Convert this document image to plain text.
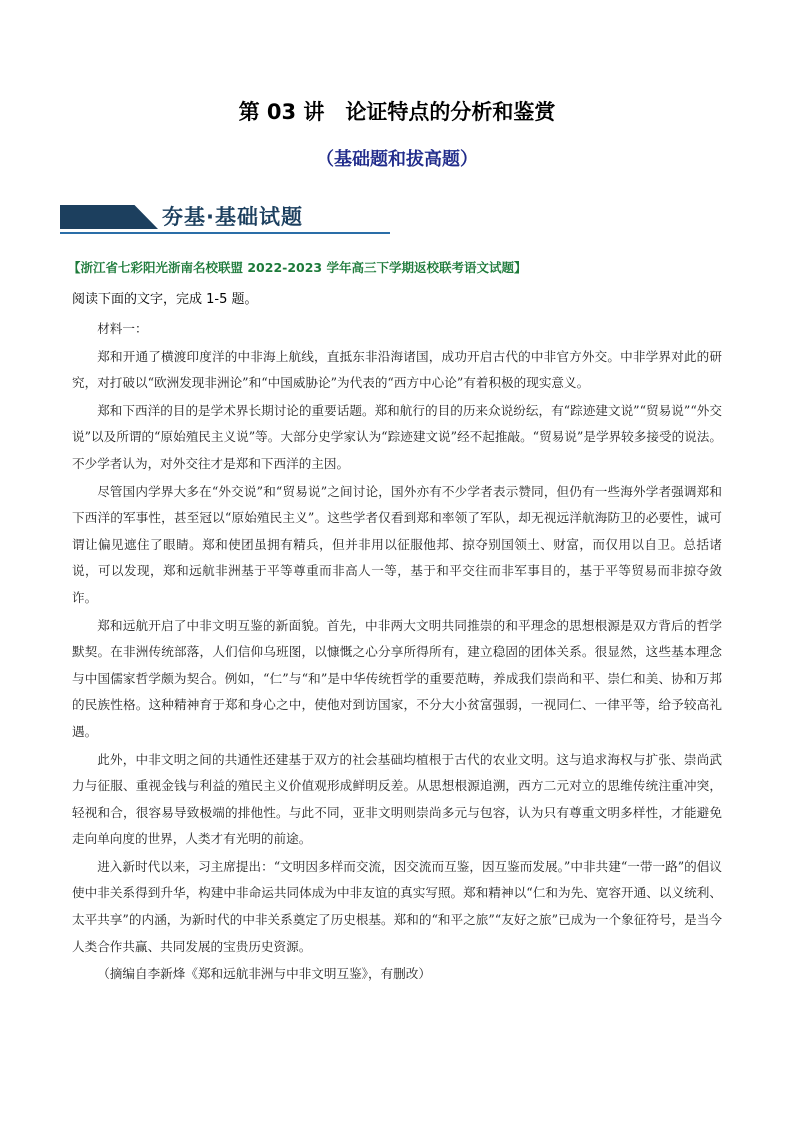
第 03 讲　论证特点的分析和鉴赏
（基础题和拔高题）
夯基·基础试题
【浙江省七彩阳光浙南名校联盟 2022-2023 学年高三下学期返校联考语文试题】
阅读下面的文字，完成 1-5 题。

材料一：

郑和开通了横渡印度洋的中非海上航线，直抵东非沿海诸国，成功开启古代的中非官方外交。中非学界对此的研究，对打破以“欧洲发现非洲论”和“中国威胁论”为代表的“西方中心论”有着积极的现实意义。

郑和下西洋的目的是学术界长期讨论的重要话题。郑和航行的目的历来众说纷纭，有“踪迹建文说”“贸易说”“外交说”以及所谓的“原始殖民主义说”等。大部分史学家认为“踪迹建文说”经不起推敲。“贸易说”是学界较多接受的说法。不少学者认为，对外交往才是郑和下西洋的主因。

尽管国内学界大多在“外交说”和“贸易说”之间讨论，国外亦有不少学者表示赞同，但仍有一些海外学者强调郑和下西洋的军事性，甚至冠以“原始殖民主义”。这些学者仅看到郑和率领了军队，却无视远洋航海防卫的必要性，诚可谓让偏见遮住了眼睛。郑和使团虽拥有精兵，但并非用以征服他邦、掠夺别国领土、财富，而仅用以自卫。总括诸说，可以发现，郑和远航非洲基于平等尊重而非高人一等，基于和平交往而非军事目的，基于平等贸易而非掠夺敛诈。

郑和远航开启了中非文明互鉴的新面貌。首先，中非两大文明共同推崇的和平理念的思想根源是双方背后的哲学默契。在非洲传统部落，人们信仰乌班图，以慷慨之心分享所得所有，建立稳固的团体关系。很显然，这些基本理念与中国儒家哲学颇为契合。例如，“仁”与“和”是中华传统哲学的重要范畴，养成我们崇尚和平、崇仁和美、协和万邦的民族性格。这种精神育于郑和身心之中，使他对到访国家，不分大小贫富强弱，一视同仁、一律平等，给予较高礼遇。

此外，中非文明之间的共通性还建基于双方的社会基础均植根于古代的农业文明。这与追求海权与扩张、崇尚武力与征服、重视金钱与利益的殖民主义价值观形成鲜明反差。从思想根源追溯，西方二元对立的思维传统注重冲突，轻视和合，很容易导致极端的排他性。与此不同，亚非文明则崇尚多元与包容，认为只有尊重文明多样性，才能避免走向单向度的世界，人类才有光明的前途。

进入新时代以来，习主席提出：“文明因多样而交流，因交流而互鉴，因互鉴而发展。”中非共建“一带一路”的倡议使中非关系得到升华，构建中非命运共同体成为中非友谊的真实写照。郑和精神以“仁和为先、宽容开通、以义统利、太平共享”的内涵，为新时代的中非关系奠定了历史根基。郑和的“和平之旅”“友好之旅”已成为一个象征符号，是当今人类合作共赢、共同发展的宝贵历史资源。

（摘编自李新烽《郑和远航非洲与中非文明互鉴》，有删改）
